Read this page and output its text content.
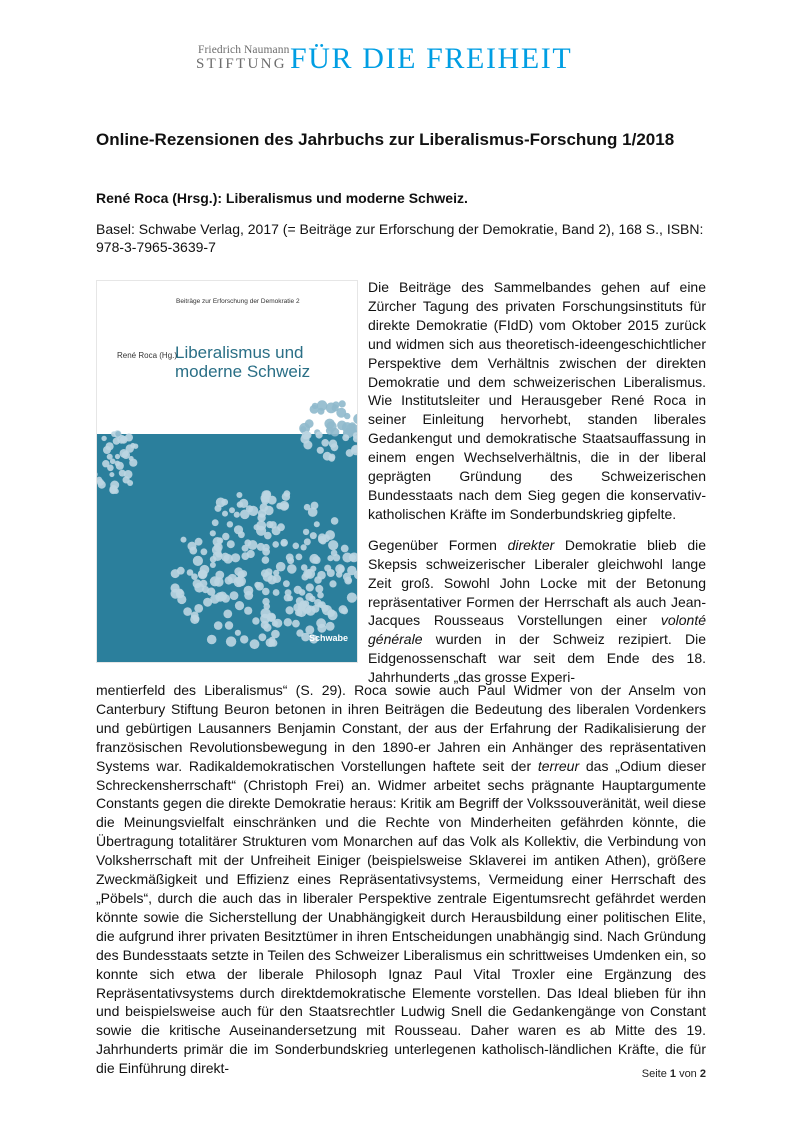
Friedrich Naumann
STIFTUNG FÜR DIE FREIHEIT
Online-Rezensionen des Jahrbuchs zur Liberalismus-Forschung 1/2018
René Roca (Hrsg.): Liberalismus und moderne Schweiz.

Basel: Schwabe Verlag, 2017 (= Beiträge zur Erforschung der Demokratie, Band 2), 168 S., ISBN: 978-3-7965-3639-7

Beiträge zur Erforschung der Demokratie 2
René Roca (Hg.)
Liberalismus und
moderne Schweiz
Schwabe

Die Beiträge des Sammelbandes gehen auf eine Zürcher Tagung des privaten Forschungsinstituts für direkte Demokratie (FIdD) vom Oktober 2015 zurück und widmen sich aus theoretisch-ideengeschichtlicher Perspektive dem Verhältnis zwischen der direkten Demokratie und dem schweizerischen Liberalismus. Wie Institutsleiter und Herausgeber René Roca in seiner Einleitung hervorhebt, standen liberales Gedankengut und demokratische Staatsauffassung in einem engen Wechselverhältnis, die in der liberal geprägten Gründung des Schweizerischen Bundesstaats nach dem Sieg gegen die konservativ-katholischen Kräfte im Sonderbundskrieg gipfelte.

Gegenüber Formen direkter Demokratie blieb die Skepsis schweizerischer Liberaler gleichwohl lange Zeit groß. Sowohl John Locke mit der Betonung repräsentativer Formen der Herrschaft als auch Jean-Jacques Rousseaus Vorstellungen einer volonté générale wurden in der Schweiz rezipiert. Die Eidgenossenschaft war seit dem Ende des 18. Jahrhunderts „das grosse Experi-

mentierfeld des Liberalismus“ (S. 29). Roca sowie auch Paul Widmer von der Anselm von Canterbury Stiftung Beuron betonen in ihren Beiträgen die Bedeutung des liberalen Vordenkers und gebürtigen Lausanners Benjamin Constant, der aus der Erfahrung der Radikalisierung der französischen Revolutionsbewegung in den 1890-er Jahren ein Anhänger des repräsentativen Systems war. Radikaldemokratischen Vorstellungen haftete seit der terreur das „Odium dieser Schreckensherrschaft“ (Christoph Frei) an. Widmer arbeitet sechs prägnante Hauptargumente Constants gegen die direkte Demokratie heraus: Kritik am Begriff der Volkssouveränität, weil diese die Meinungsvielfalt einschränken und die Rechte von Minderheiten gefährden könnte, die Übertragung totalitärer Strukturen vom Monarchen auf das Volk als Kollektiv, die Verbindung von Volksherrschaft mit der Unfreiheit Einiger (beispielsweise Sklaverei im antiken Athen), größere Zweckmäßigkeit und Effizienz eines Repräsentativsystems, Vermeidung einer Herrschaft des „Pöbels“, durch die auch das in liberaler Perspektive zentrale Eigentumsrecht gefährdet werden könnte sowie die Sicherstellung der Unabhängigkeit durch Herausbildung einer politischen Elite, die aufgrund ihrer privaten Besitztümer in ihren Entscheidungen unabhängig sind. Nach Gründung des Bundesstaats setzte in Teilen des Schweizer Liberalismus ein schrittweises Umdenken ein, so konnte sich etwa der liberale Philosoph Ignaz Paul Vital Troxler eine Ergänzung des Repräsentativsystems durch direktdemokratische Elemente vorstellen. Das Ideal blieben für ihn und beispielsweise auch für den Staatsrechtler Ludwig Snell die Gedankengänge von Constant sowie die kritische Auseinandersetzung mit Rousseau. Daher waren es ab Mitte des 19. Jahrhunderts primär die im Sonderbundskrieg unterlegenen katholisch-ländlichen Kräfte, die für die Einführung direkt-	Seite 1 von 2
